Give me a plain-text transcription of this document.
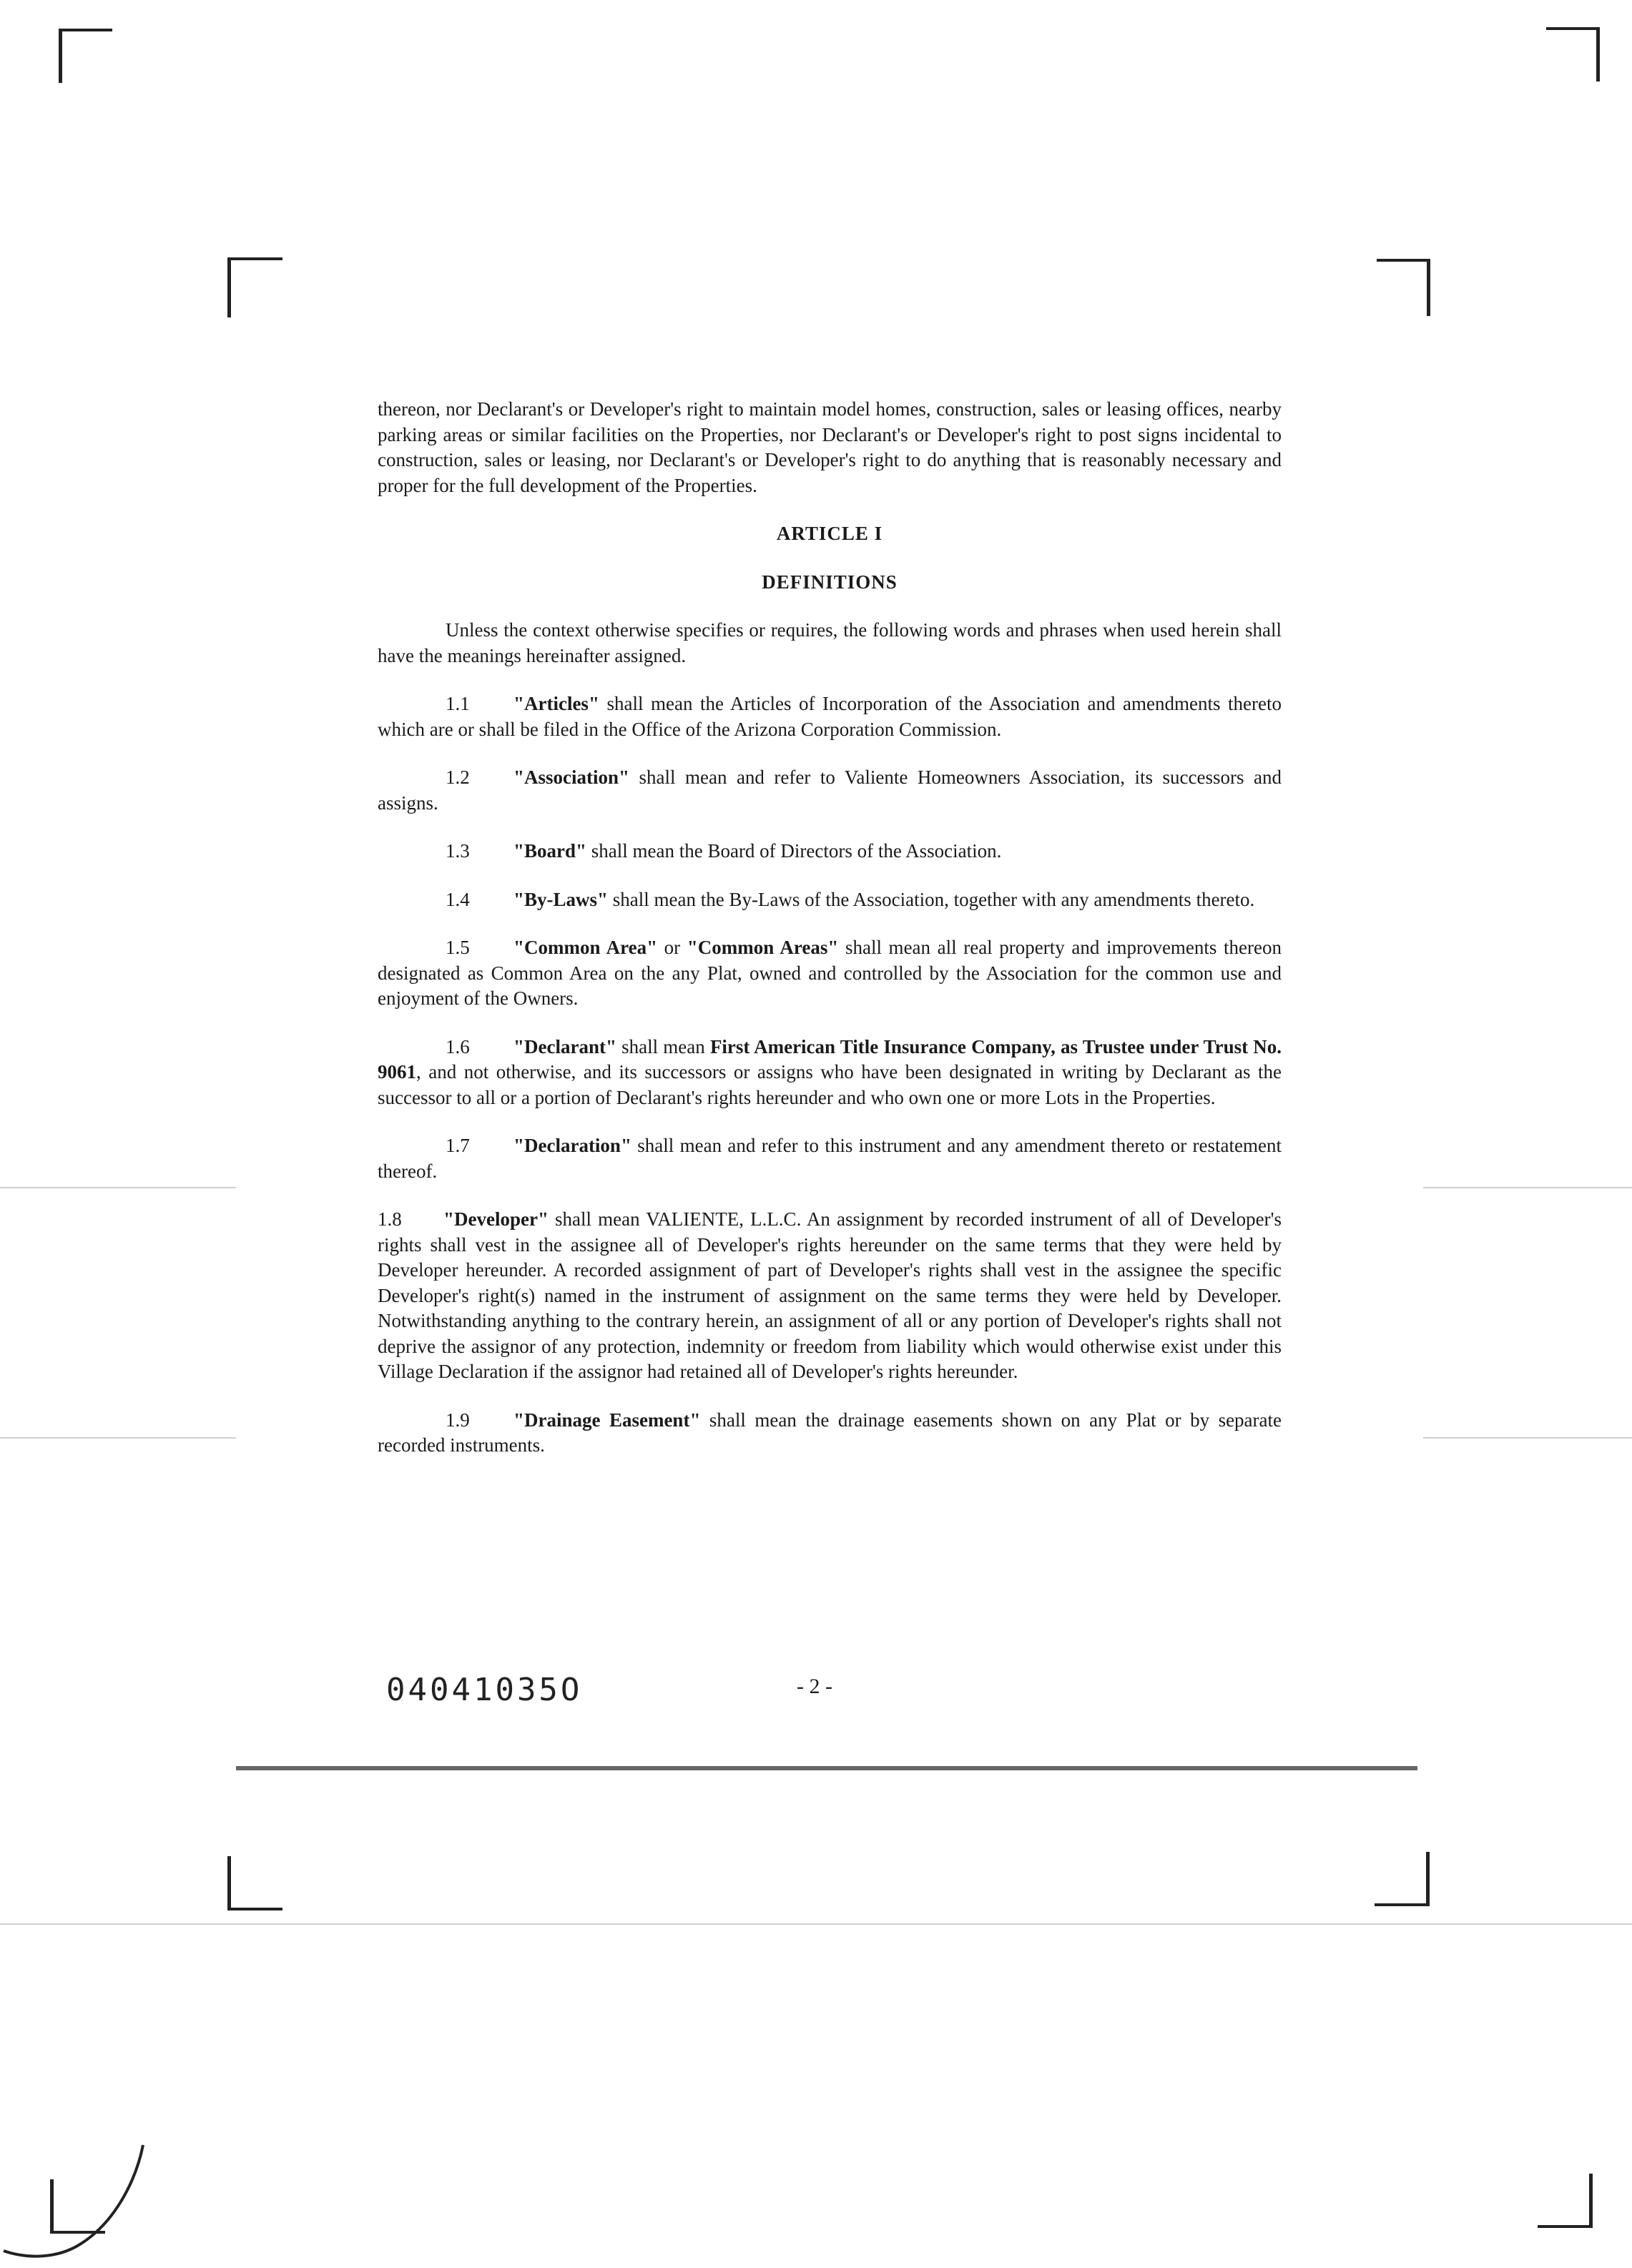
thereon, nor Declarant's or Developer's right to maintain model homes, construction, sales or leasing offices, nearby parking areas or similar facilities on the Properties, nor Declarant's or Developer's right to post signs incidental to construction, sales or leasing, nor Declarant's or Developer's right to do anything that is reasonably necessary and proper for the full development of the Properties.

ARTICLE I

DEFINITIONS

Unless the context otherwise specifies or requires, the following words and phrases when used herein shall have the meanings hereinafter assigned.

1.1 "Articles" shall mean the Articles of Incorporation of the Association and amendments thereto which are or shall be filed in the Office of the Arizona Corporation Commission.

1.2 "Association" shall mean and refer to Valiente Homeowners Association, its successors and assigns.

1.3 "Board" shall mean the Board of Directors of the Association.

1.4 "By-Laws" shall mean the By-Laws of the Association, together with any amendments thereto.

1.5 "Common Area" or "Common Areas" shall mean all real property and improvements thereon designated as Common Area on the any Plat, owned and controlled by the Association for the common use and enjoyment of the Owners.

1.6 "Declarant" shall mean First American Title Insurance Company, as Trustee under Trust No. 9061, and not otherwise, and its successors or assigns who have been designated in writing by Declarant as the successor to all or a portion of Declarant's rights hereunder and who own one or more Lots in the Properties.

1.7 "Declaration" shall mean and refer to this instrument and any amendment thereto or restatement thereof.

1.8 "Developer" shall mean VALIENTE, L.L.C. An assignment by recorded instrument of all of Developer's rights shall vest in the assignee all of Developer's rights hereunder on the same terms that they were held by Developer hereunder. A recorded assignment of part of Developer's rights shall vest in the assignee the specific Developer's right(s) named in the instrument of assignment on the same terms they were held by Developer. Notwithstanding anything to the contrary herein, an assignment of all or any portion of Developer's rights shall not deprive the assignor of any protection, indemnity or freedom from liability which would otherwise exist under this Village Declaration if the assignor had retained all of Developer's rights hereunder.

1.9 "Drainage Easement" shall mean the drainage easements shown on any Plat or by separate recorded instruments.

04041035O	- 2 -
